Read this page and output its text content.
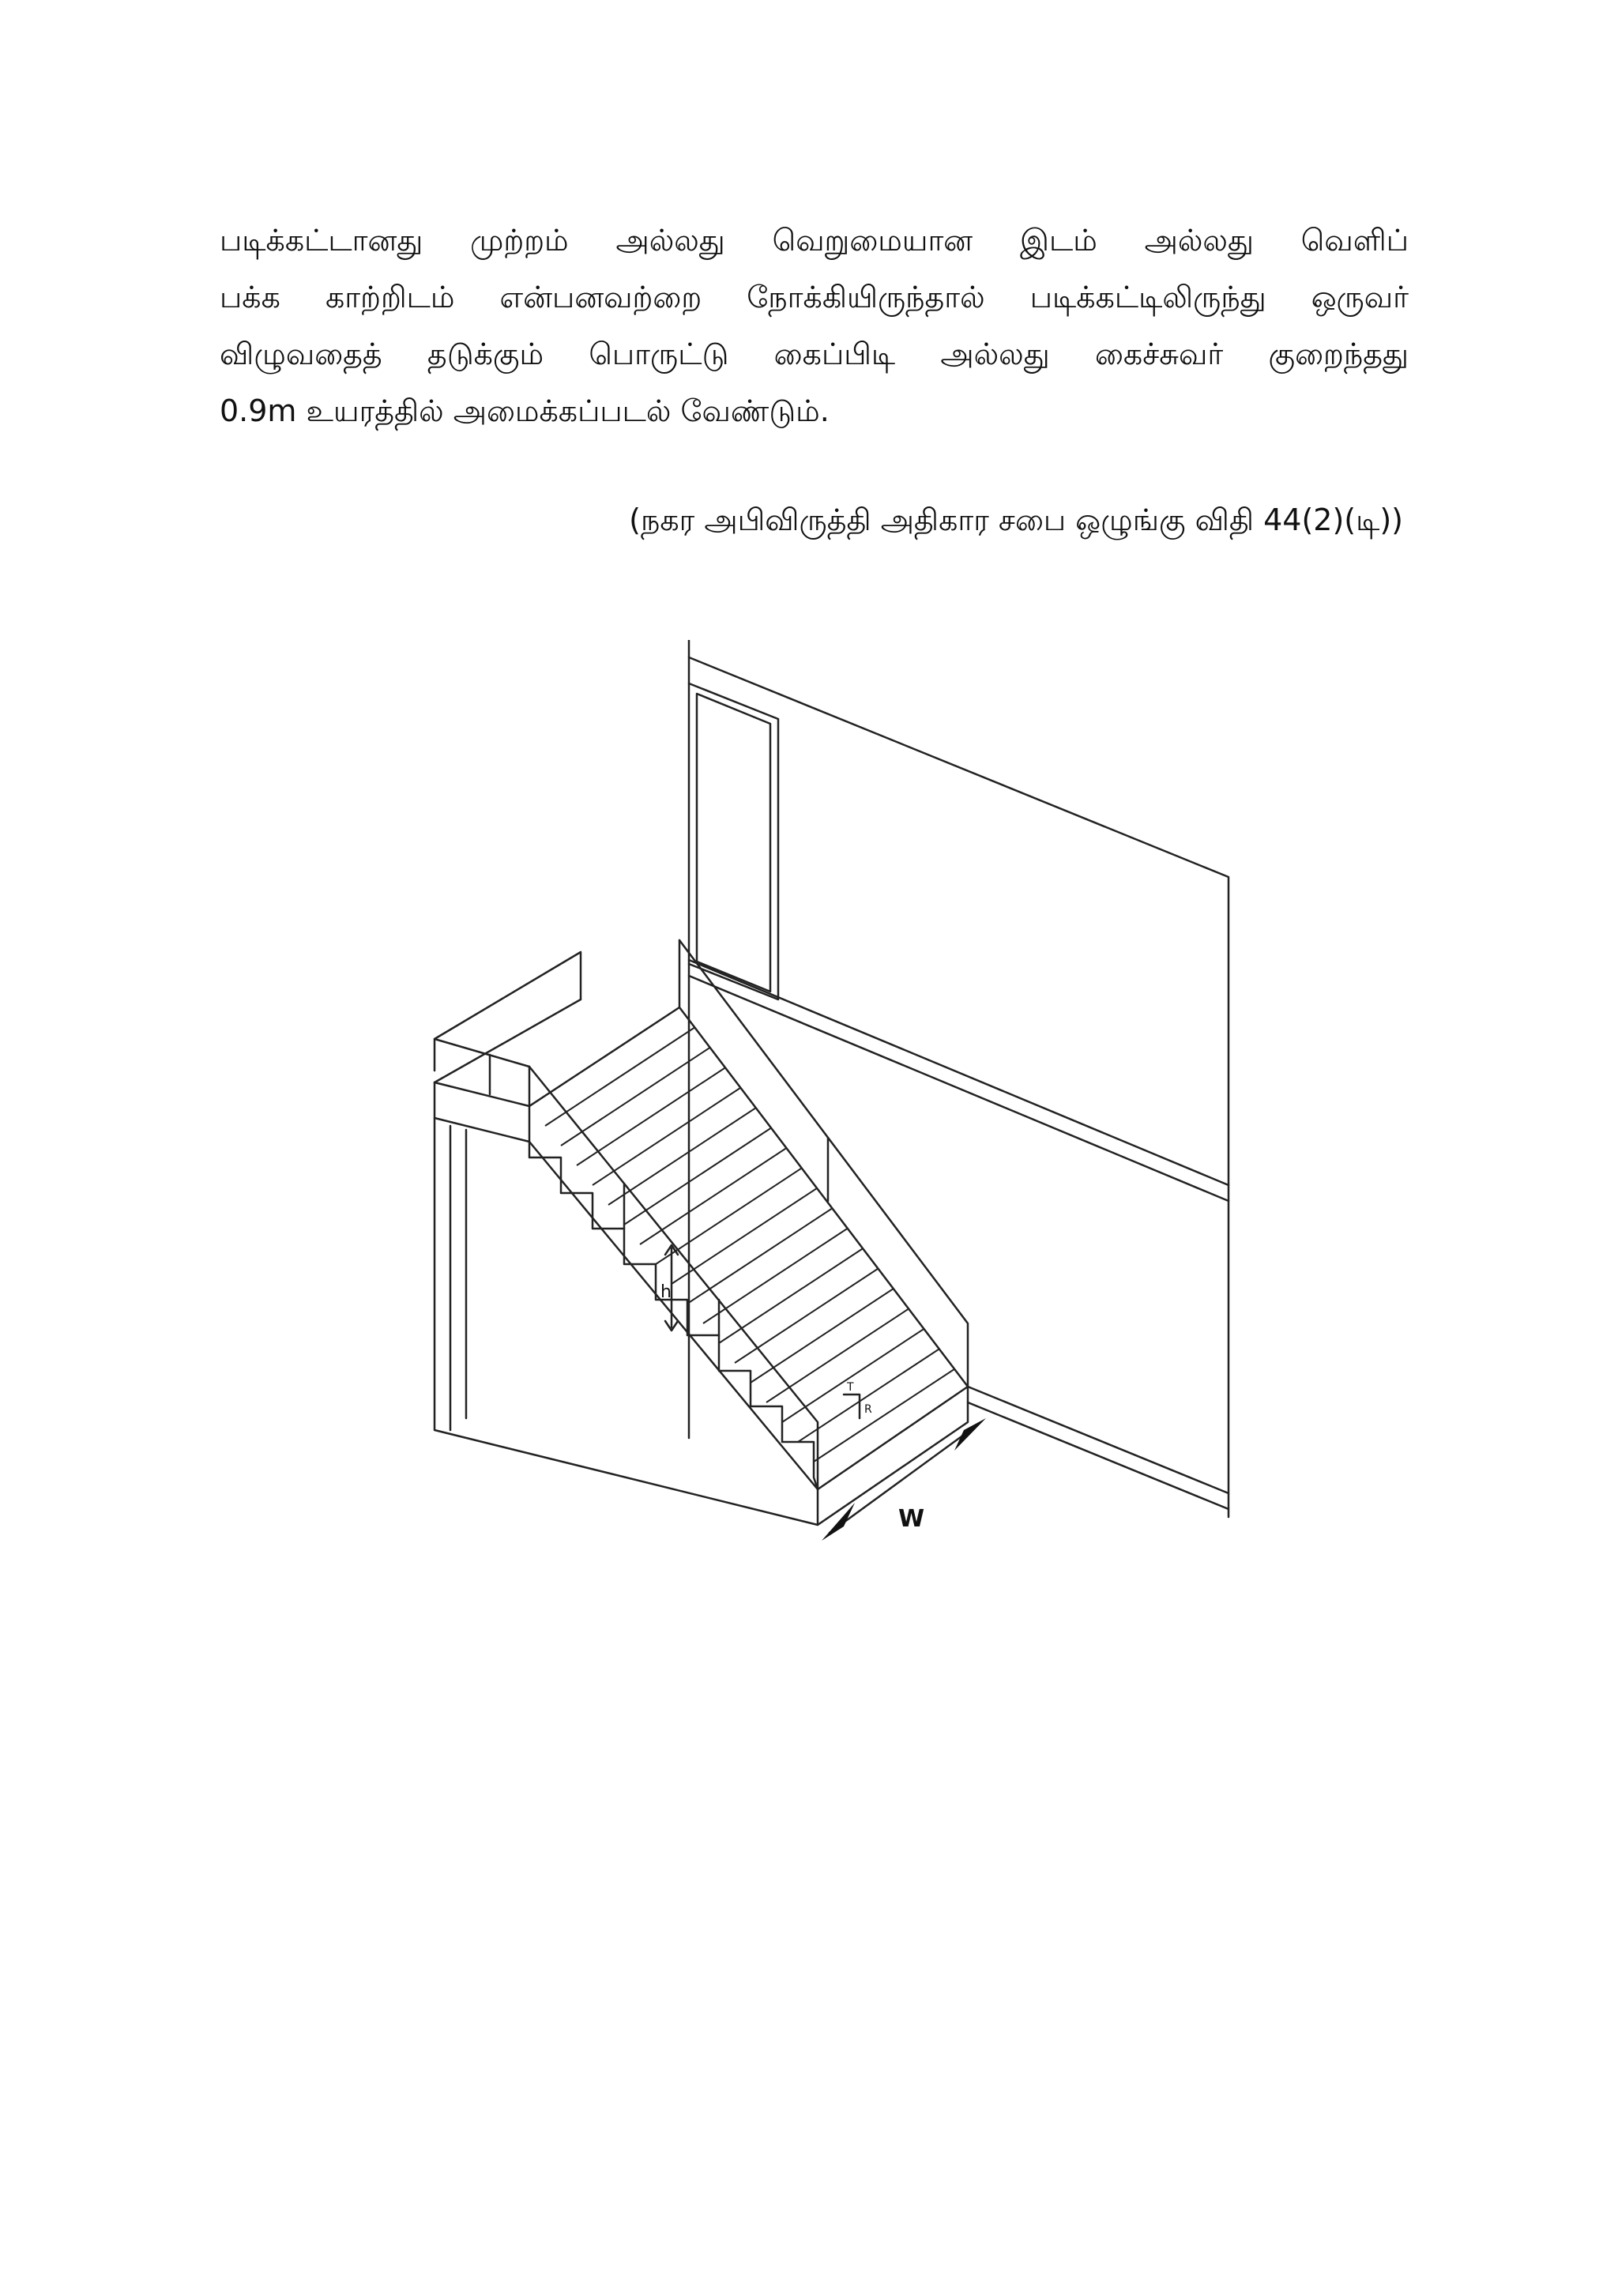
படிக்கட்டானது முற்றம் அல்லது வெறுமையான இடம் அல்லது வெளிப்
பக்க காற்றிடம் என்பனவற்றை நோக்கியிருந்தால் படிக்கட்டிலிருந்து ஒருவர்
விழுவதைத் தடுக்கும் பொருட்டு கைப்பிடி அல்லது கைச்சுவர் குறைந்தது
0.9m உயரத்தில் அமைக்கப்படல் வேண்டும்.
(நகர அபிவிருத்தி அதிகார சபை ஒழுங்கு விதி 44(2)(டி))
h
T
R
W
